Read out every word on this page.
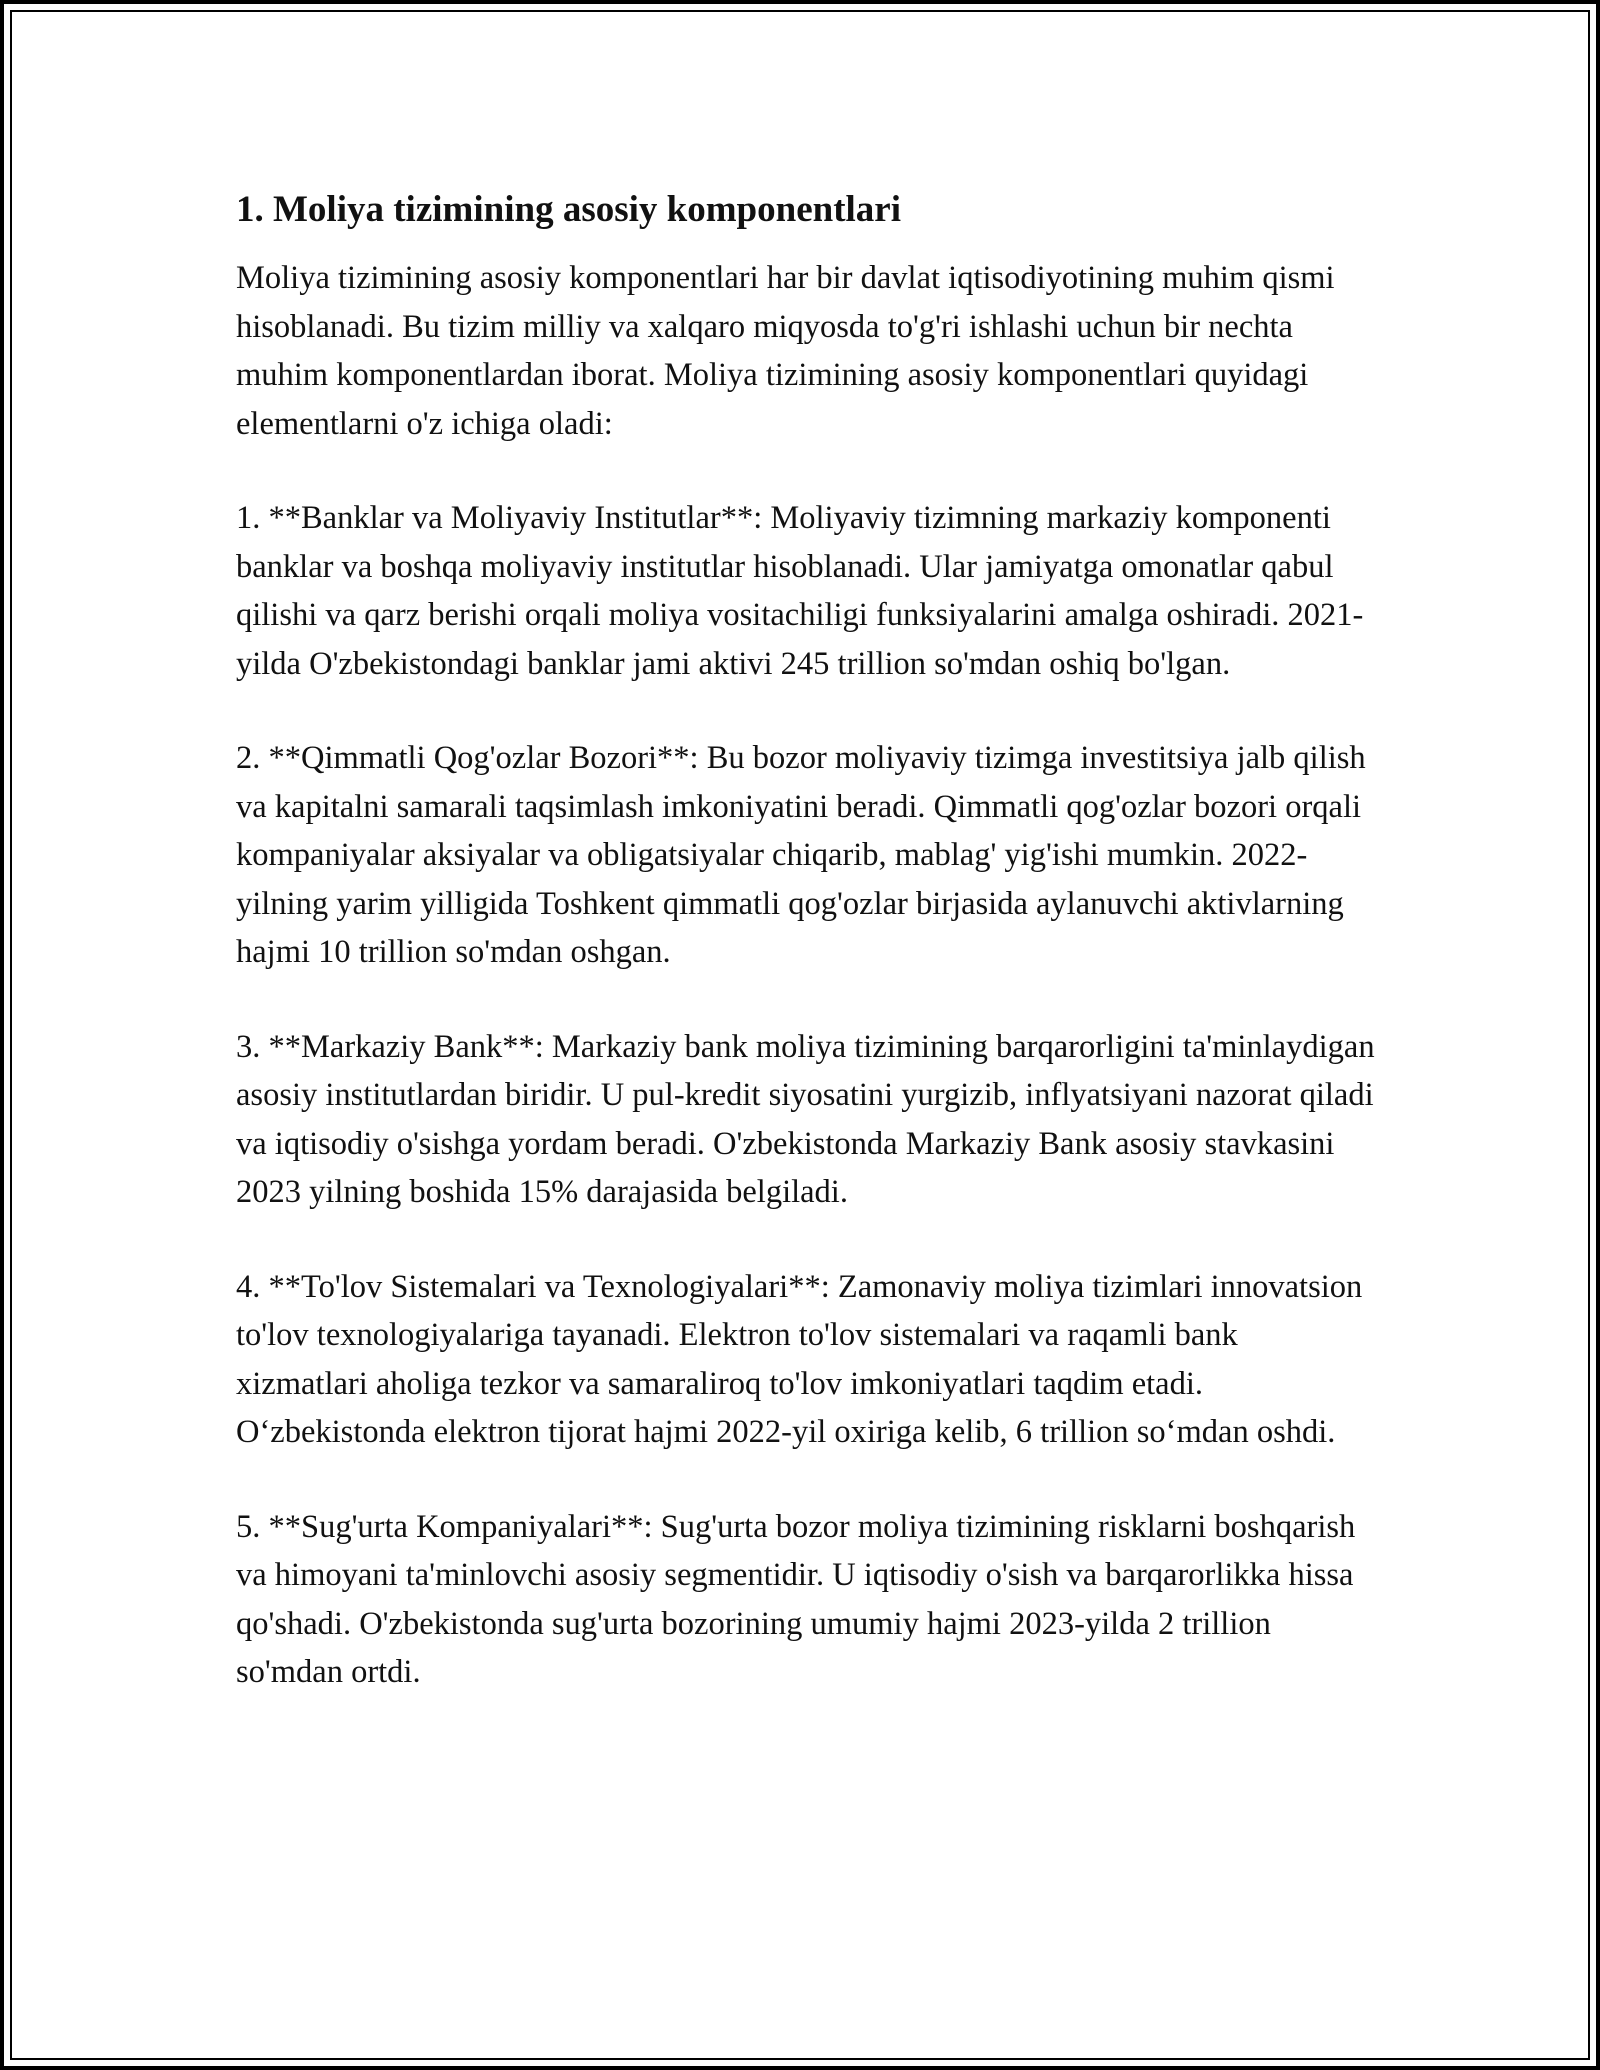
1. Moliya tizimining asosiy komponentlari

Moliya tizimining asosiy komponentlari har bir davlat iqtisodiyotining muhim qismi hisoblanadi. Bu tizim milliy va xalqaro miqyosda to'g'ri ishlashi uchun bir nechta muhim komponentlardan iborat. Moliya tizimining asosiy komponentlari quyidagi elementlarni o'z ichiga oladi:

1. **Banklar va Moliyaviy Institutlar**: Moliyaviy tizimning markaziy komponenti banklar va boshqa moliyaviy institutlar hisoblanadi. Ular jamiyatga omonatlar qabul qilishi va qarz berishi orqali moliya vositachiligi funksiyalarini amalga oshiradi. 2021-yilda O'zbekistondagi banklar jami aktivi 245 trillion so'mdan oshiq bo'lgan.

2. **Qimmatli Qog'ozlar Bozori**: Bu bozor moliyaviy tizimga investitsiya jalb qilish va kapitalni samarali taqsimlash imkoniyatini beradi. Qimmatli qog'ozlar bozori orqali kompaniyalar aksiyalar va obligatsiyalar chiqarib, mablag' yig'ishi mumkin. 2022-yilning yarim yilligida Toshkent qimmatli qog'ozlar birjasida aylanuvchi aktivlarning hajmi 10 trillion so'mdan oshgan.

3. **Markaziy Bank**: Markaziy bank moliya tizimining barqarorligini ta'minlaydigan asosiy institutlardan biridir. U pul-kredit siyosatini yurgizib, inflyatsiyani nazorat qiladi va iqtisodiy o'sishga yordam beradi. O'zbekistonda Markaziy Bank asosiy stavkasini 2023 yilning boshida 15% darajasida belgiladi.

4. **To'lov Sistemalari va Texnologiyalari**: Zamonaviy moliya tizimlari innovatsion to'lov texnologiyalariga tayanadi. Elektron to'lov sistemalari va raqamli bank xizmatlari aholiga tezkor va samaraliroq to'lov imkoniyatlari taqdim etadi. O‘zbekistonda elektron tijorat hajmi 2022-yil oxiriga kelib, 6 trillion so‘mdan oshdi.

5. **Sug'urta Kompaniyalari**: Sug'urta bozor moliya tizimining risklarni boshqarish va himoyani ta'minlovchi asosiy segmentidir. U iqtisodiy o'sish va barqarorlikka hissa qo'shadi. O'zbekistonda sug'urta bozorining umumiy hajmi 2023-yilda 2 trillion so'mdan ortdi.
